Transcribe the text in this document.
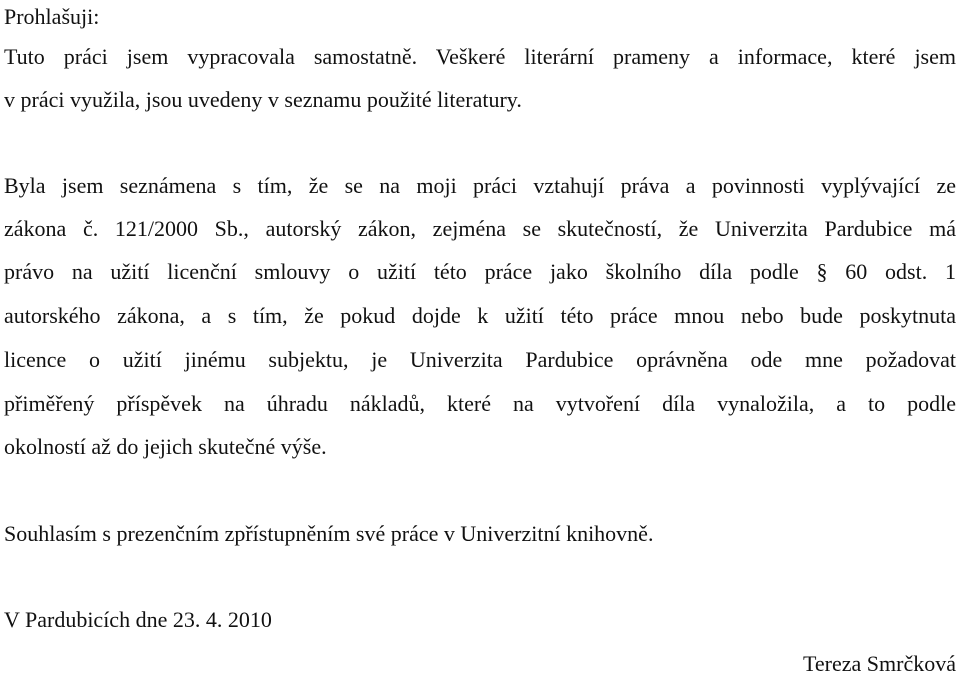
Prohlašuji:
Tuto práci jsem vypracovala samostatně. Veškeré literární prameny a informace, které jsem
v práci využila, jsou uvedeny v seznamu použité literatury.
Byla jsem seznámena s tím, že se na moji práci vztahují práva a povinnosti vyplývající ze
zákona č. 121/2000 Sb., autorský zákon, zejména se skutečností, že Univerzita Pardubice má
právo na užití licenční smlouvy o užití této práce jako školního díla podle § 60 odst. 1
autorského zákona, a s tím, že pokud dojde k užití této práce mnou nebo bude poskytnuta
licence o užití jinému subjektu, je Univerzita Pardubice oprávněna ode mne požadovat
přiměřený příspěvek na úhradu nákladů, které na vytvoření díla vynaložila, a to podle
okolností až do jejich skutečné výše.
Souhlasím s prezenčním zpřístupněním své práce v Univerzitní knihovně.
V Pardubicích dne 23. 4. 2010
Tereza Smrčková
